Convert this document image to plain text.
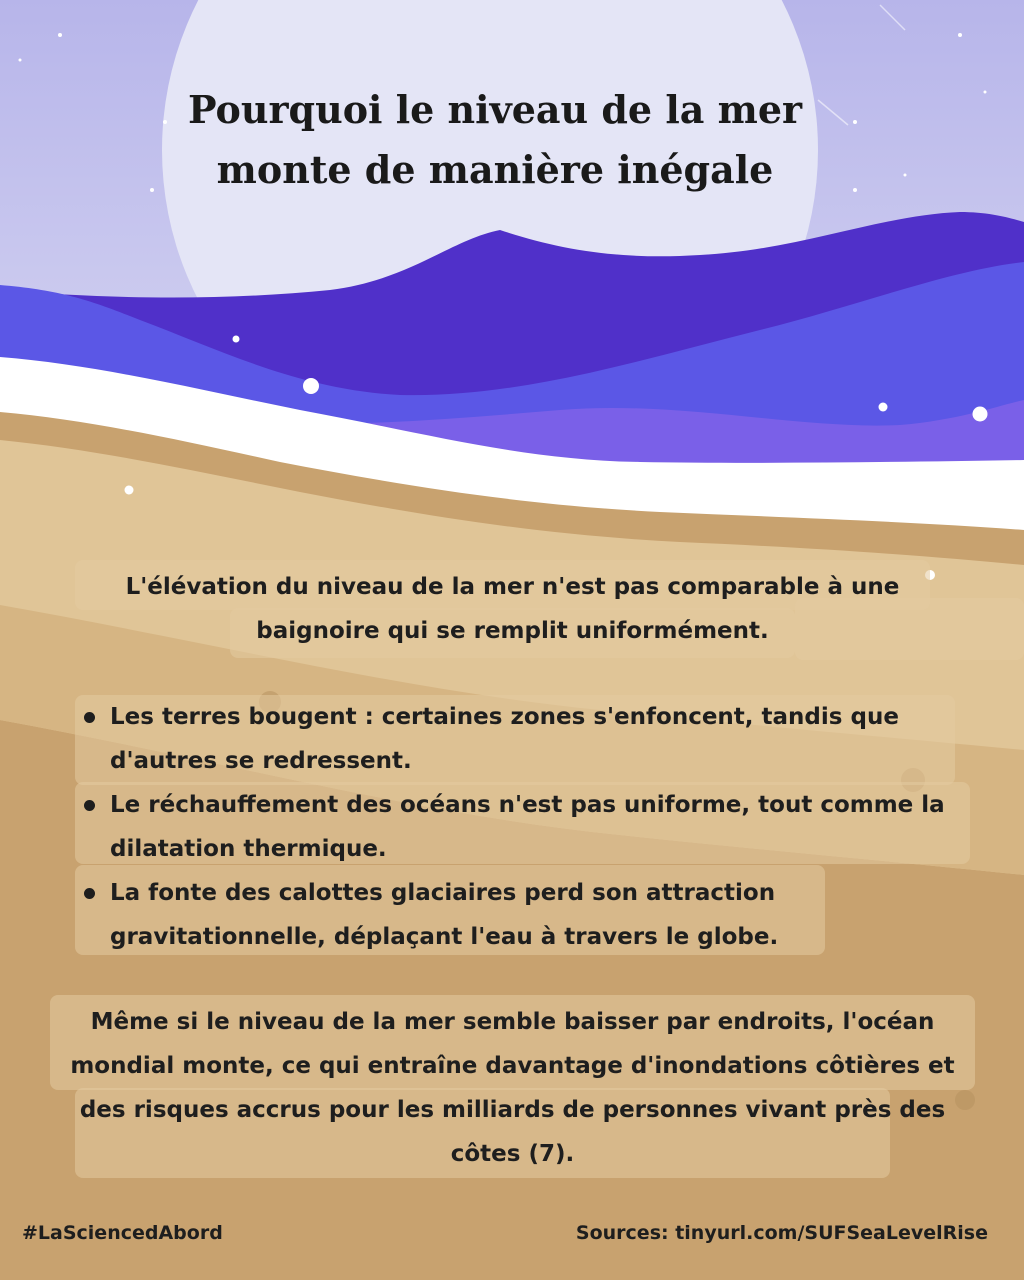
Pourquoi le niveau de la mer monte de manière inégale
L'élévation du niveau de la mer n'est pas comparable à une baignoire qui se remplit uniformément.
Les terres bougent : certaines zones s'enfoncent, tandis que d'autres se redressent.
Le réchauffement des océans n'est pas uniforme, tout comme la dilatation thermique.
La fonte des calottes glaciaires perd son attraction gravitationnelle, déplaçant l'eau à travers le globe.
Même si le niveau de la mer semble baisser par endroits, l'océan mondial monte, ce qui entraîne davantage d'inondations côtières et des risques accrus pour les milliards de personnes vivant près des côtes (7).
#LaSciencedAbord	Sources: tinyurl.com/SUFSeaLevelRise
